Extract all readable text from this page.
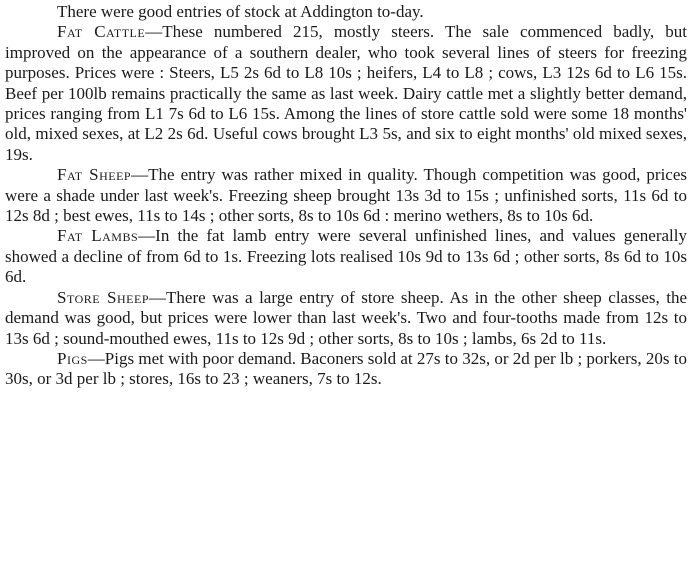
There were good entries of stock at Addington to-day.

Fat Cattle—These numbered 215, mostly steers. The sale commenced badly, but improved on the appearance of a southern dealer, who took several lines of steers for freezing purposes. Prices were : Steers, L5 2s 6d to L8 10s ; heifers, L4 to L8 ; cows, L3 12s 6d to L6 15s. Beef per 100lb remains practically the same as last week. Dairy cattle met a slightly better demand, prices ranging from L1 7s 6d to L6 15s. Among the lines of store cattle sold were some 18 months' old, mixed sexes, at L2 2s 6d. Useful cows brought L3 5s, and six to eight months' old mixed sexes, 19s.

Fat Sheep—The entry was rather mixed in quality. Though competition was good, prices were a shade under last week's. Freezing sheep brought 13s 3d to 15s ; unfinished sorts, 11s 6d to 12s 8d ; best ewes, 11s to 14s ; other sorts, 8s to 10s 6d : merino wethers, 8s to 10s 6d.

Fat Lambs—In the fat lamb entry were several unfinished lines, and values generally showed a decline of from 6d to 1s. Freezing lots realised 10s 9d to 13s 6d ; other sorts, 8s 6d to 10s 6d.

Store Sheep—There was a large entry of store sheep. As in the other sheep classes, the demand was good, but prices were lower than last week's. Two and four-tooths made from 12s to 13s 6d ; sound-mouthed ewes, 11s to 12s 9d ; other sorts, 8s to 10s ; lambs, 6s 2d to 11s.

Pigs—Pigs met with poor demand. Baconers sold at 27s to 32s, or 2d per lb ; porkers, 20s to 30s, or 3d per lb ; stores, 16s to 23 ; weaners, 7s to 12s.
